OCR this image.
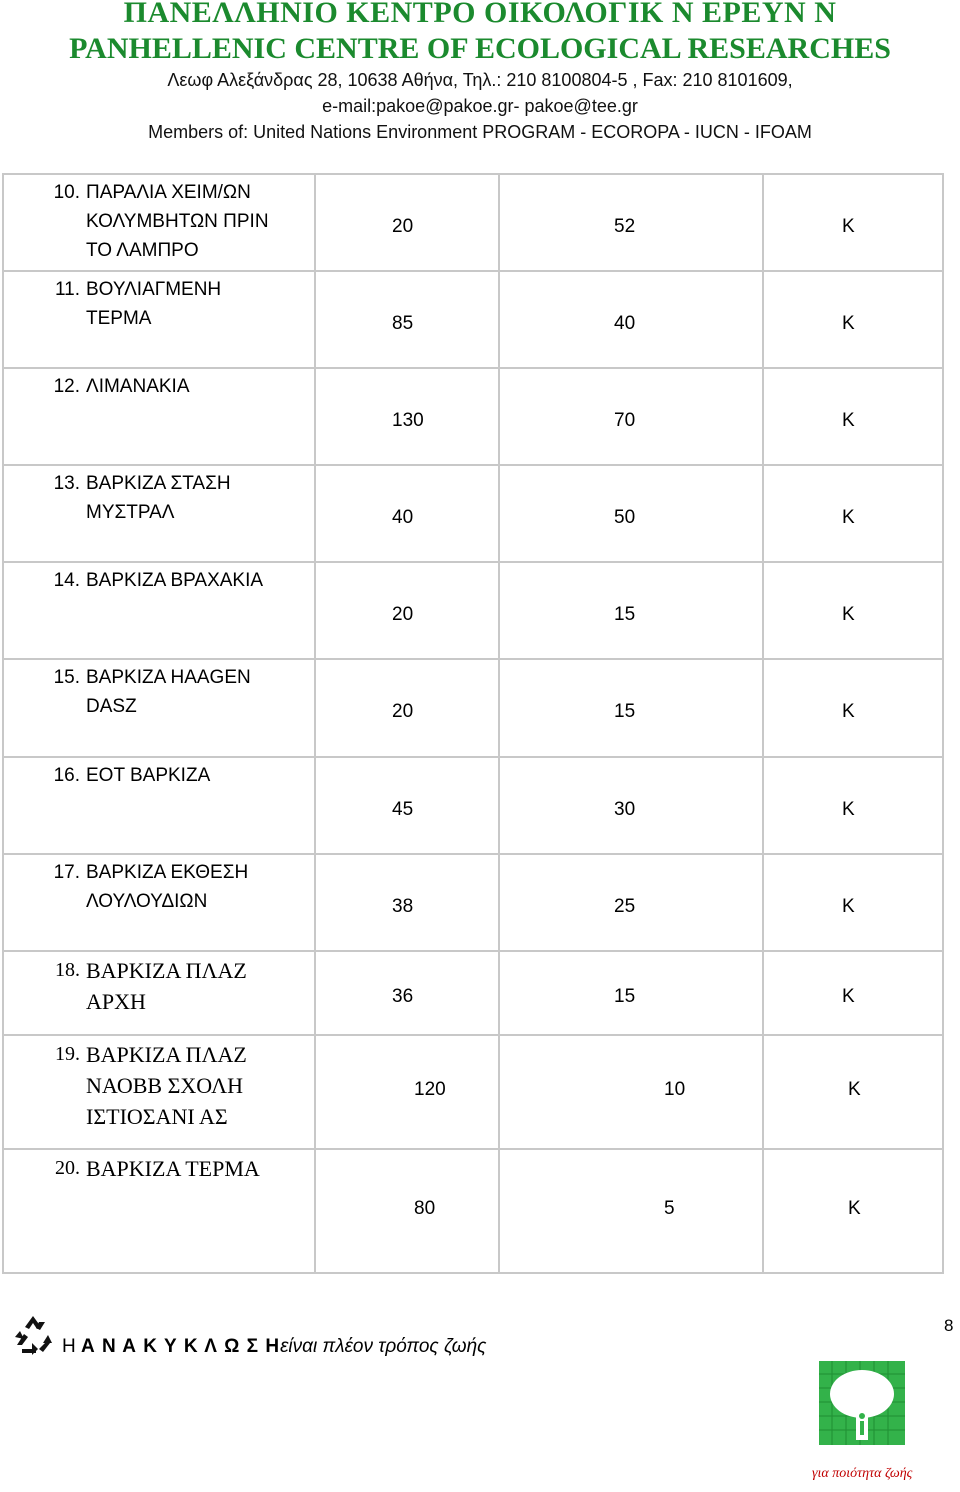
ΠΑΝΕΛΛΗΝΙΟ ΚΕΝΤΡΟ ΟΙΚΟΛΟΓΙΚ Ν ΕΡΕΥΝ Ν
PANHELLENIC CENTRE OF ECOLOGICAL RESEARCHES
Λεωφ Αλεξάνδρας 28, 10638 Αθήνα, Τηλ.: 210 8100804-5 , Fax: 210 8101609,
e-mail:pakoe@pakoe.gr- pakoe@tee.gr
Members of: United Nations Environment PROGRAM - ECOROPA - IUCN - IFOAM
10. ΠΑΡΑΛΙΑ ΧΕΙΜ/ΩΝ
ΚΟΛΥΜΒΗΤΩΝ ΠΡΙΝ
ΤΟ ΛΑΜΠΡΟ	20	52	Κ

11. ΒΟΥΛΙΑΓΜΕΝΗ
ΤΕΡΜΑ	85	40	Κ

12. ΛΙΜΑΝΑΚΙΑ	130	70	Κ

13. ΒΑΡΚΙΖΑ ΣΤΑΣΗ
ΜΥΣΤΡΑΛ	40	50	Κ

14. ΒΑΡΚΙΖΑ ΒΡΑΧΑΚΙΑ	20	15	Κ

15. ΒΑΡΚΙΖΑ HAAGEN
DASZ	20	15	Κ

16. ΕΟΤ ΒΑΡΚΙΖΑ	45	30	Κ

17. ΒΑΡΚΙΖΑ ΕΚΘΕΣΗ
ΛΟΥΛΟΥΔΙΩΝ	38	25	Κ

18. ΒΑΡΚΙΖΑ ΠΛΑΖ
ΑΡΧΗ	36	15	Κ

19. ΒΑΡΚΙΖΑ ΠΛΑΖ
ΝΑΟΒΒ ΣΧΟΛΗ
ΙΣΤΙΟΣΑΝΙ ΑΣ	120	10	Κ

20. ΒΑΡΚΙΖΑ ΤΕΡΜΑ	80	5	Κ
Η Α Ν Α Κ Υ Κ Λ Ω Σ Ηείναι πλέον τρόπος ζωής
8
για ποιότητα ζωής
